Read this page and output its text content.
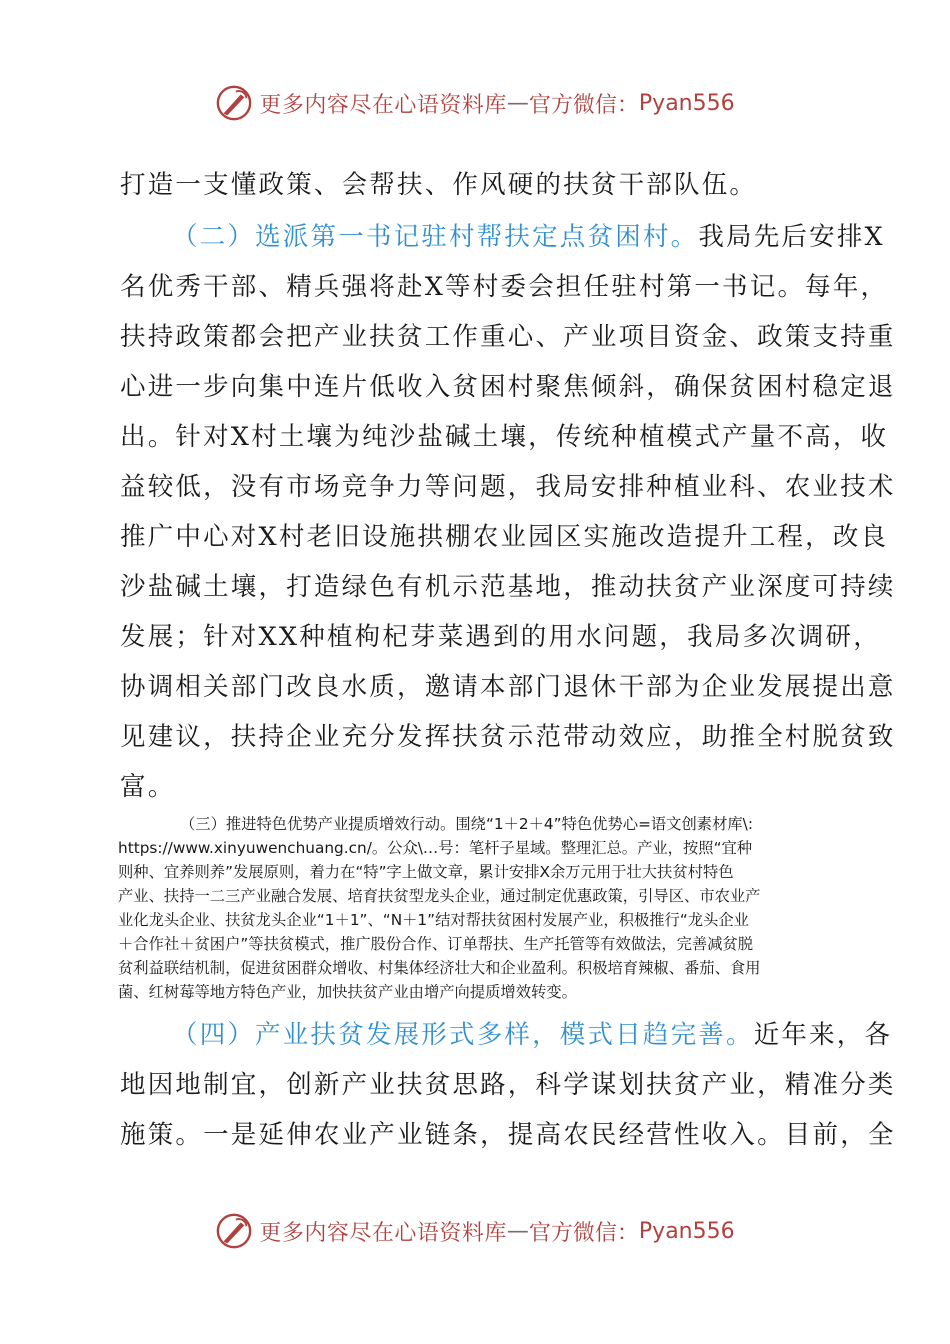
更多内容尽在心语资料库 — 官方微信： Pyan556
打造一支懂政策、会帮扶、作风硬的扶贫干部队伍。
（二）选派第一书记驻村帮扶定点贫困村。我局先后安排X
名优秀干部、精兵强将赴X等村委会担任驻村第一书记。每年，
扶持政策都会把产业扶贫工作重心、产业项目资金、政策支持重
心进一步向集中连片低收入贫困村聚焦倾斜，确保贫困村稳定退
出。针对X村土壤为纯沙盐碱土壤，传统种植模式产量不高，收
益较低，没有市场竞争力等问题，我局安排种植业科、农业技术
推广中心对X村老旧设施拱棚农业园区实施改造提升工程，改良
沙盐碱土壤，打造绿色有机示范基地，推动扶贫产业深度可持续
发展；针对XX种植枸杞芽菜遇到的用水问题，我局多次调研，
协调相关部门改良水质，邀请本部门退休干部为企业发展提出意
见建议，扶持企业充分发挥扶贫示范带动效应，助推全村脱贫致
富。
（三）推进特色优势产业提质增效行动。围绕“1＋2＋4”特色优势心=语文创素材库\:
https://www.xinyuwenchuang.cn/。公众\…号：笔杆子星域。整理汇总。产业，按照“宜种
则种、宜养则养”发展原则，着力在“特”字上做文章，累计安排X余万元用于壮大扶贫村特色
产业、扶持一二三产业融合发展、培育扶贫型龙头企业，通过制定优惠政策，引导区、市农业产
业化龙头企业、扶贫龙头企业“1＋1”、“N＋1”结对帮扶贫困村发展产业，积极推行“龙头企业
＋合作社＋贫困户”等扶贫模式，推广股份合作、订单帮扶、生产托管等有效做法，完善减贫脱
贫利益联结机制，促进贫困群众增收、村集体经济壮大和企业盈利。积极培育辣椒、番茄、食用
菌、红树莓等地方特色产业，加快扶贫产业由增产向提质增效转变。
（四）产业扶贫发展形式多样，模式日趋完善。近年来，各
地因地制宜，创新产业扶贫思路，科学谋划扶贫产业，精准分类
施策。一是延伸农业产业链条，提高农民经营性收入。目前，全
更多内容尽在心语资料库 — 官方微信： Pyan556
